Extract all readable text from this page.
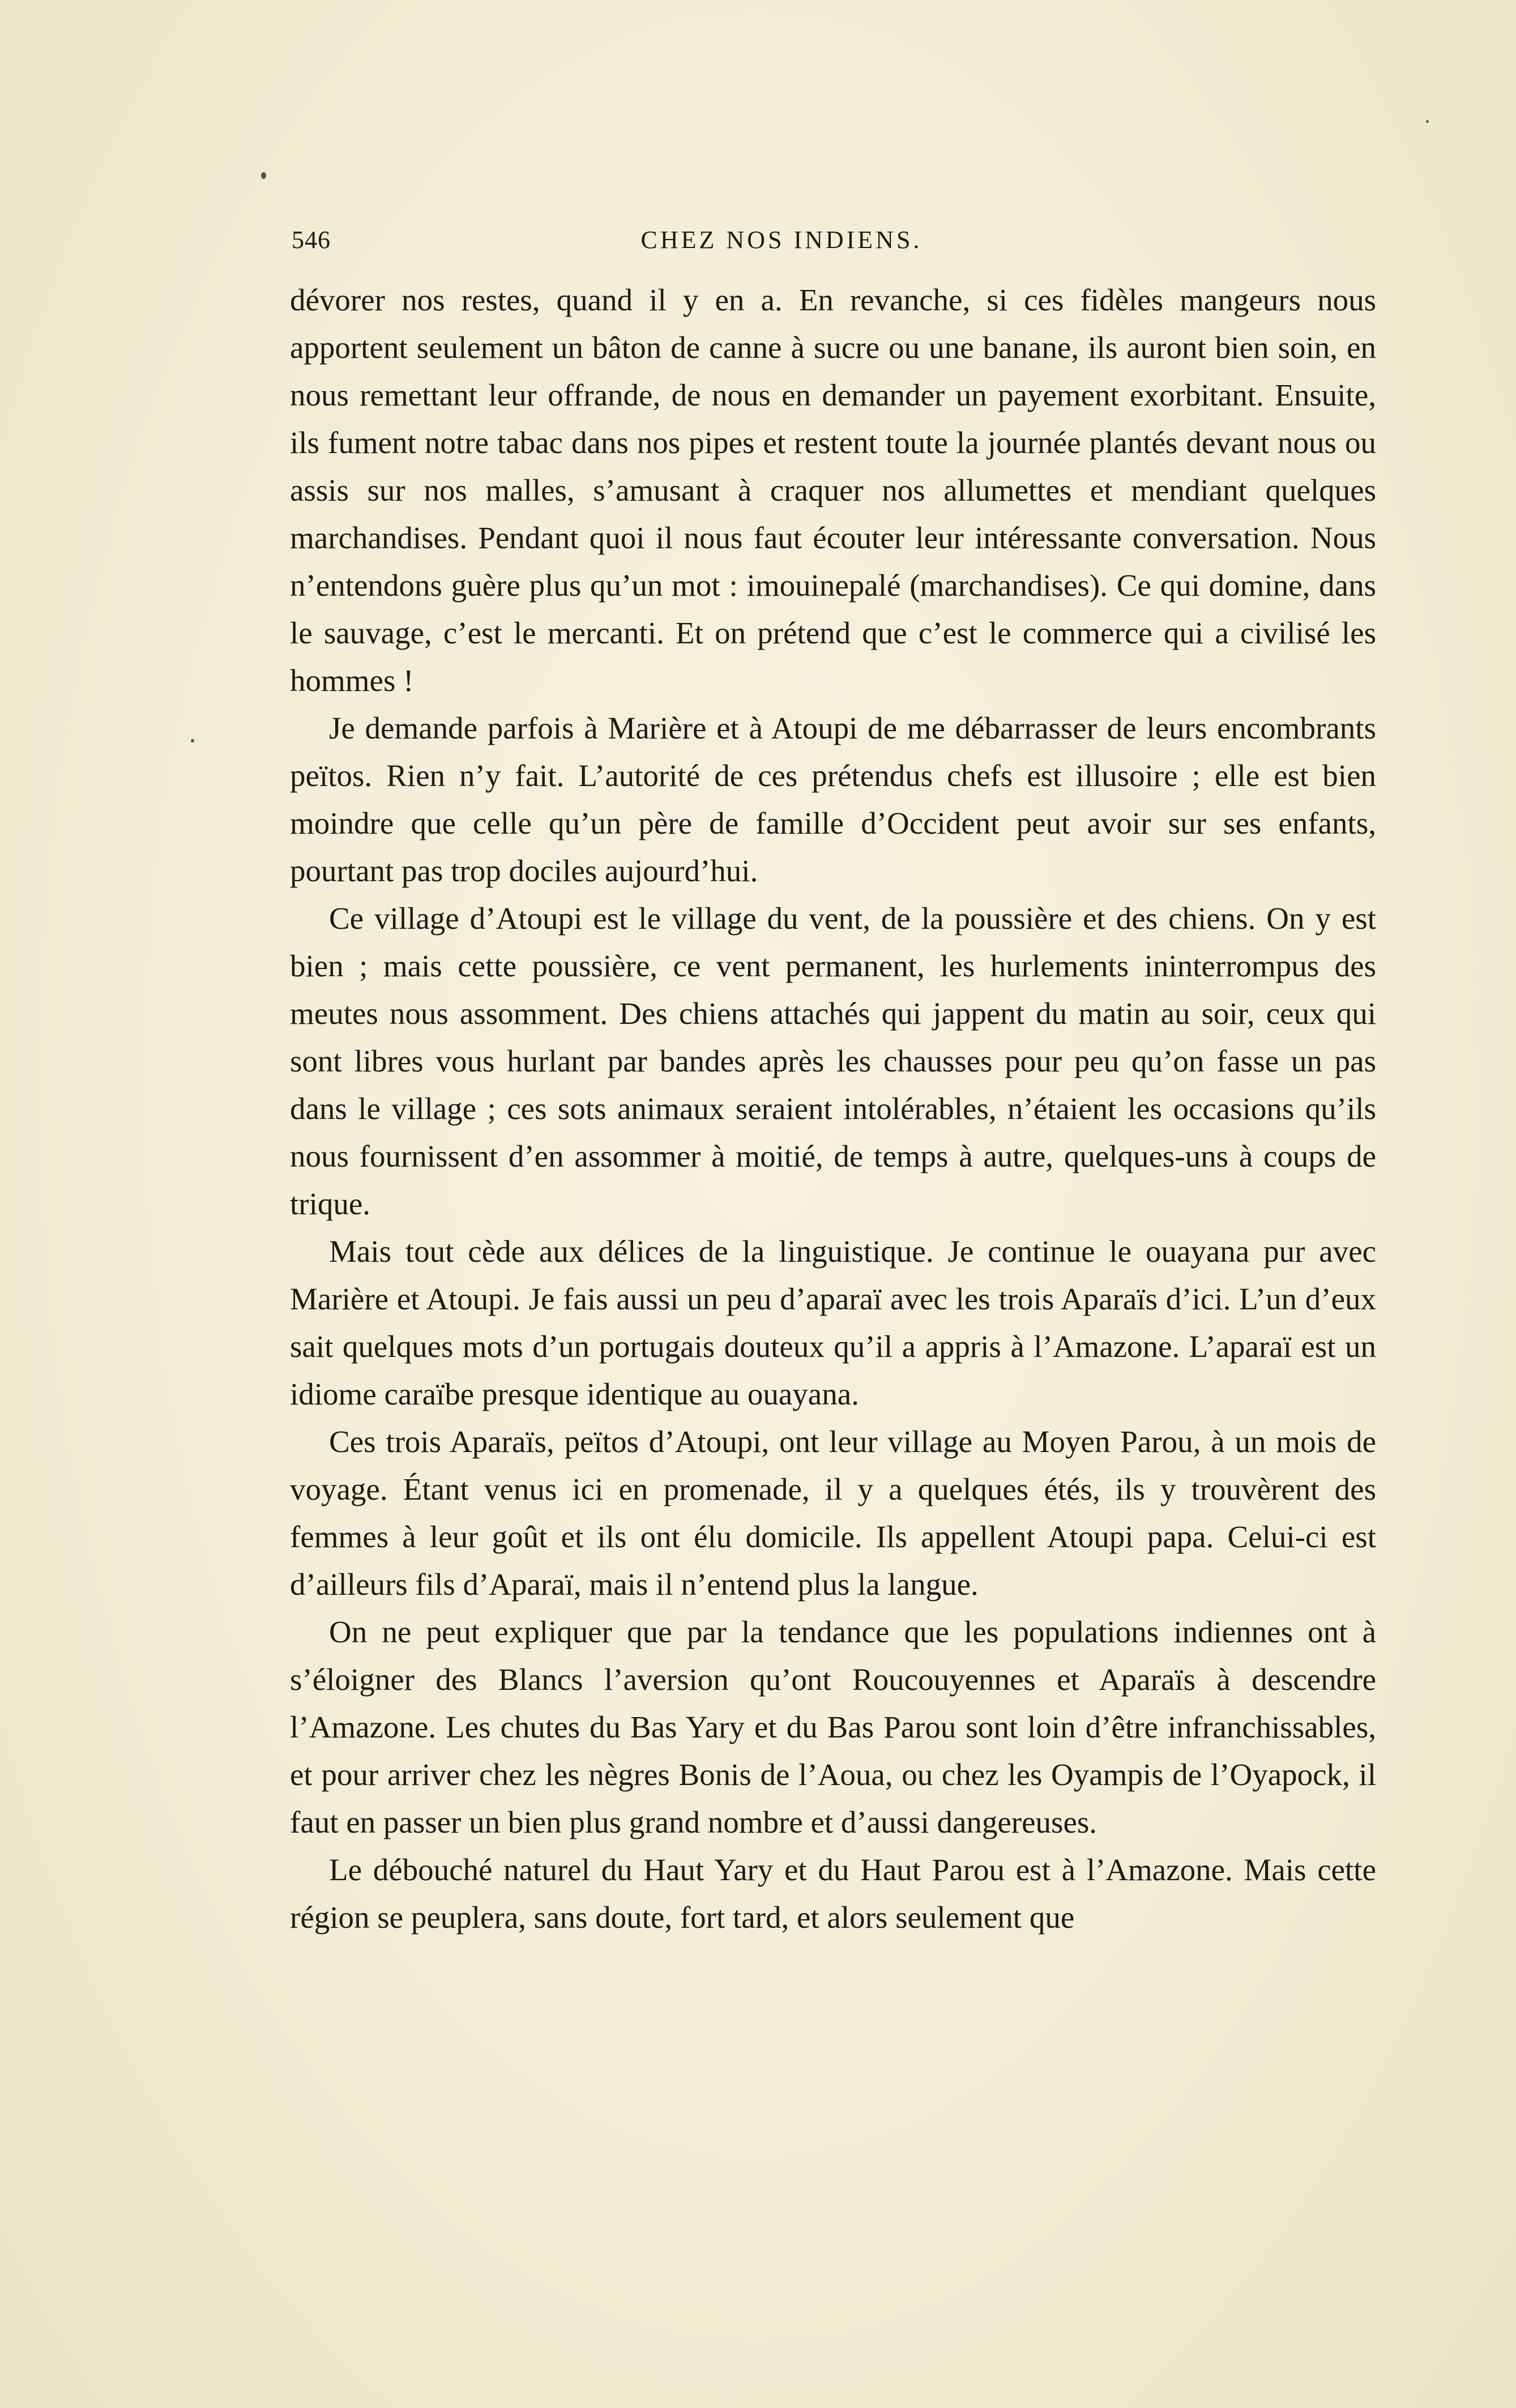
546	CHEZ NOS INDIENS.

dévorer nos restes, quand il y en a. En revanche, si ces fidèles mangeurs nous apportent seulement un bâton de canne à sucre ou une banane, ils auront bien soin, en nous remettant leur offrande, de nous en demander un payement exorbitant. Ensuite, ils fument notre tabac dans nos pipes et restent toute la journée plantés devant nous ou assis sur nos malles, s’amusant à craquer nos allumettes et mendiant quelques marchandises. Pendant quoi il nous faut écouter leur intéressante conversation. Nous n’entendons guère plus qu’un mot : imouinepalé (marchandises). Ce qui domine, dans le sauvage, c’est le mercanti. Et on prétend que c’est le commerce qui a civilisé les hommes !

Je demande parfois à Marière et à Atoupi de me débarrasser de leurs encombrants peïtos. Rien n’y fait. L’autorité de ces prétendus chefs est illusoire ; elle est bien moindre que celle qu’un père de famille d’Occident peut avoir sur ses enfants, pourtant pas trop dociles aujourd’hui.

Ce village d’Atoupi est le village du vent, de la poussière et des chiens. On y est bien ; mais cette poussière, ce vent permanent, les hurlements ininterrompus des meutes nous assomment. Des chiens attachés qui jappent du matin au soir, ceux qui sont libres vous hurlant par bandes après les chausses pour peu qu’on fasse un pas dans le village ; ces sots animaux seraient intolérables, n’étaient les occasions qu’ils nous fournissent d’en assommer à moitié, de temps à autre, quelques-uns à coups de trique.

Mais tout cède aux délices de la linguistique. Je continue le ouayana pur avec Marière et Atoupi. Je fais aussi un peu d’aparaï avec les trois Aparaïs d’ici. L’un d’eux sait quelques mots d’un portugais douteux qu’il a appris à l’Amazone. L’aparaï est un idiome caraïbe presque identique au ouayana.

Ces trois Aparaïs, peïtos d’Atoupi, ont leur village au Moyen Parou, à un mois de voyage. Étant venus ici en promenade, il y a quelques étés, ils y trouvèrent des femmes à leur goût et ils ont élu domicile. Ils appellent Atoupi papa. Celui-ci est d’ailleurs fils d’Aparaï, mais il n’entend plus la langue.

On ne peut expliquer que par la tendance que les populations indiennes ont à s’éloigner des Blancs l’aversion qu’ont Roucouyennes et Aparaïs à descendre l’Amazone. Les chutes du Bas Yary et du Bas Parou sont loin d’être infranchissables, et pour arriver chez les nègres Bonis de l’Aoua, ou chez les Oyampis de l’Oyapock, il faut en passer un bien plus grand nombre et d’aussi dangereuses.

Le débouché naturel du Haut Yary et du Haut Parou est à l’Amazone. Mais cette région se peuplera, sans doute, fort tard, et alors seulement que
